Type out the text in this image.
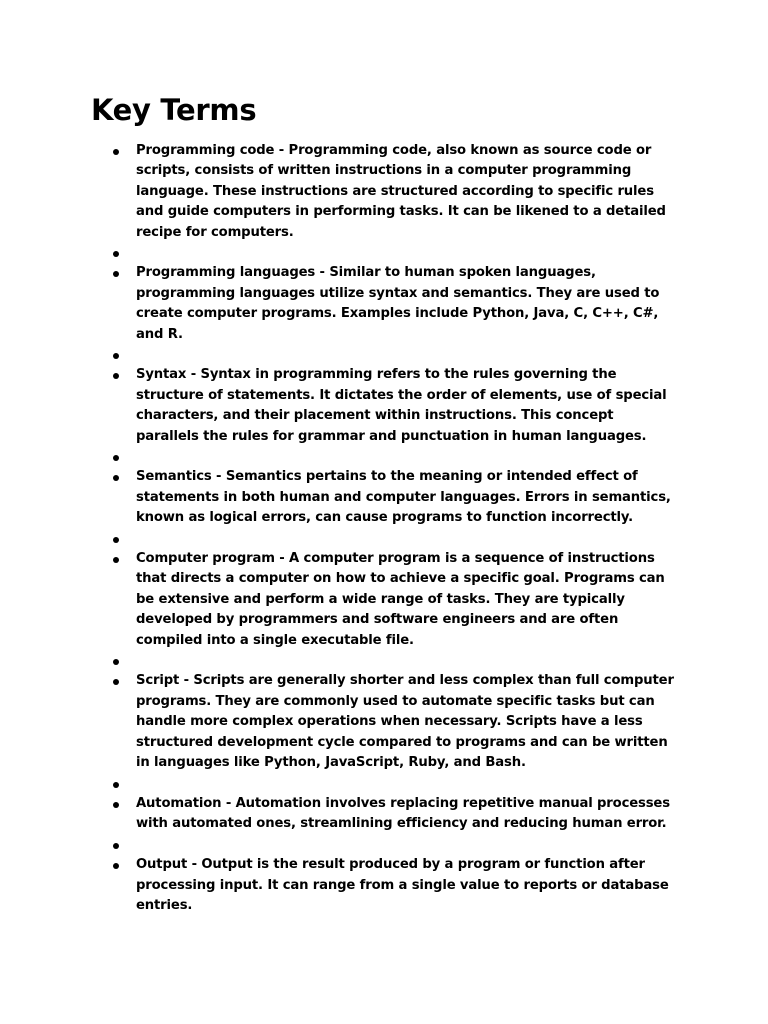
Key Terms
Programming code - Programming code, also known as source code or scripts, consists of written instructions in a computer programming language. These instructions are structured according to specific rules and guide computers in performing tasks. It can be likened to a detailed recipe for computers.
Programming languages - Similar to human spoken languages, programming languages utilize syntax and semantics. They are used to create computer programs. Examples include Python, Java, C, C++, C#, and R.
Syntax - Syntax in programming refers to the rules governing the structure of statements. It dictates the order of elements, use of special characters, and their placement within instructions. This concept parallels the rules for grammar and punctuation in human languages.
Semantics - Semantics pertains to the meaning or intended effect of statements in both human and computer languages. Errors in semantics, known as logical errors, can cause programs to function incorrectly.
Computer program - A computer program is a sequence of instructions that directs a computer on how to achieve a specific goal. Programs can be extensive and perform a wide range of tasks. They are typically developed by programmers and software engineers and are often compiled into a single executable file.
Script - Scripts are generally shorter and less complex than full computer programs. They are commonly used to automate specific tasks but can handle more complex operations when necessary. Scripts have a less structured development cycle compared to programs and can be written in languages like Python, JavaScript, Ruby, and Bash.
Automation - Automation involves replacing repetitive manual processes with automated ones, streamlining efficiency and reducing human error.
Output - Output is the result produced by a program or function after processing input. It can range from a single value to reports or database entries.
